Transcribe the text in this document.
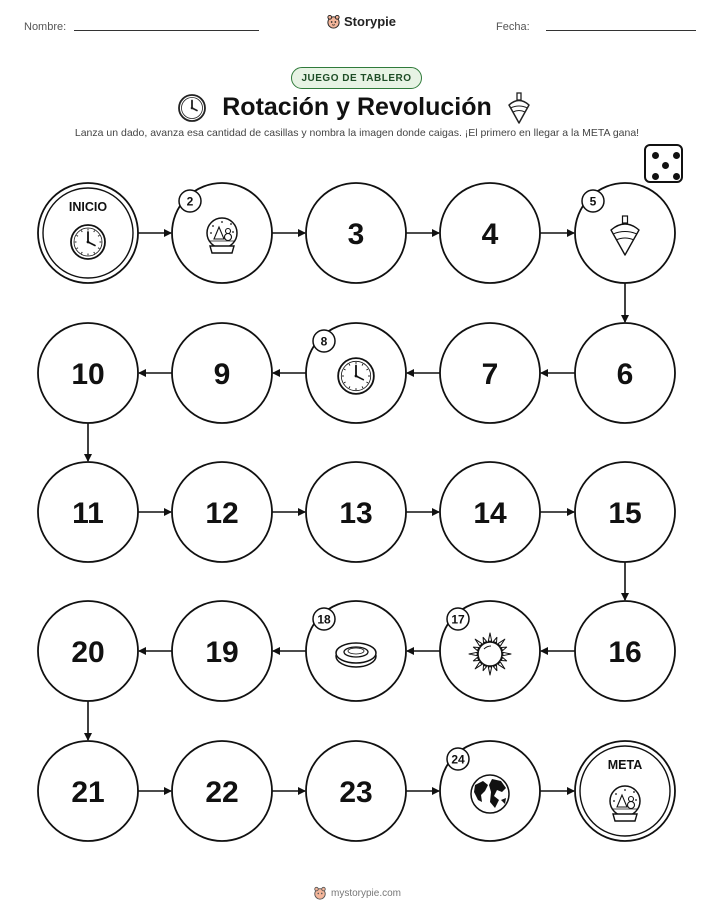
Nombre:	Storypie	Fecha:
JUEGO DE TABLERO
Rotación y Revolución
Lanza un dado, avanza esa cantidad de casillas y nombra la imagen donde caigas. ¡El primero en llegar a la META gana!
INICIO	2
3	4
5
6
7
8
9
10
11	12	13	14	15
16
17
18
19
20
21	22	23
24	META
mystorypie.com
